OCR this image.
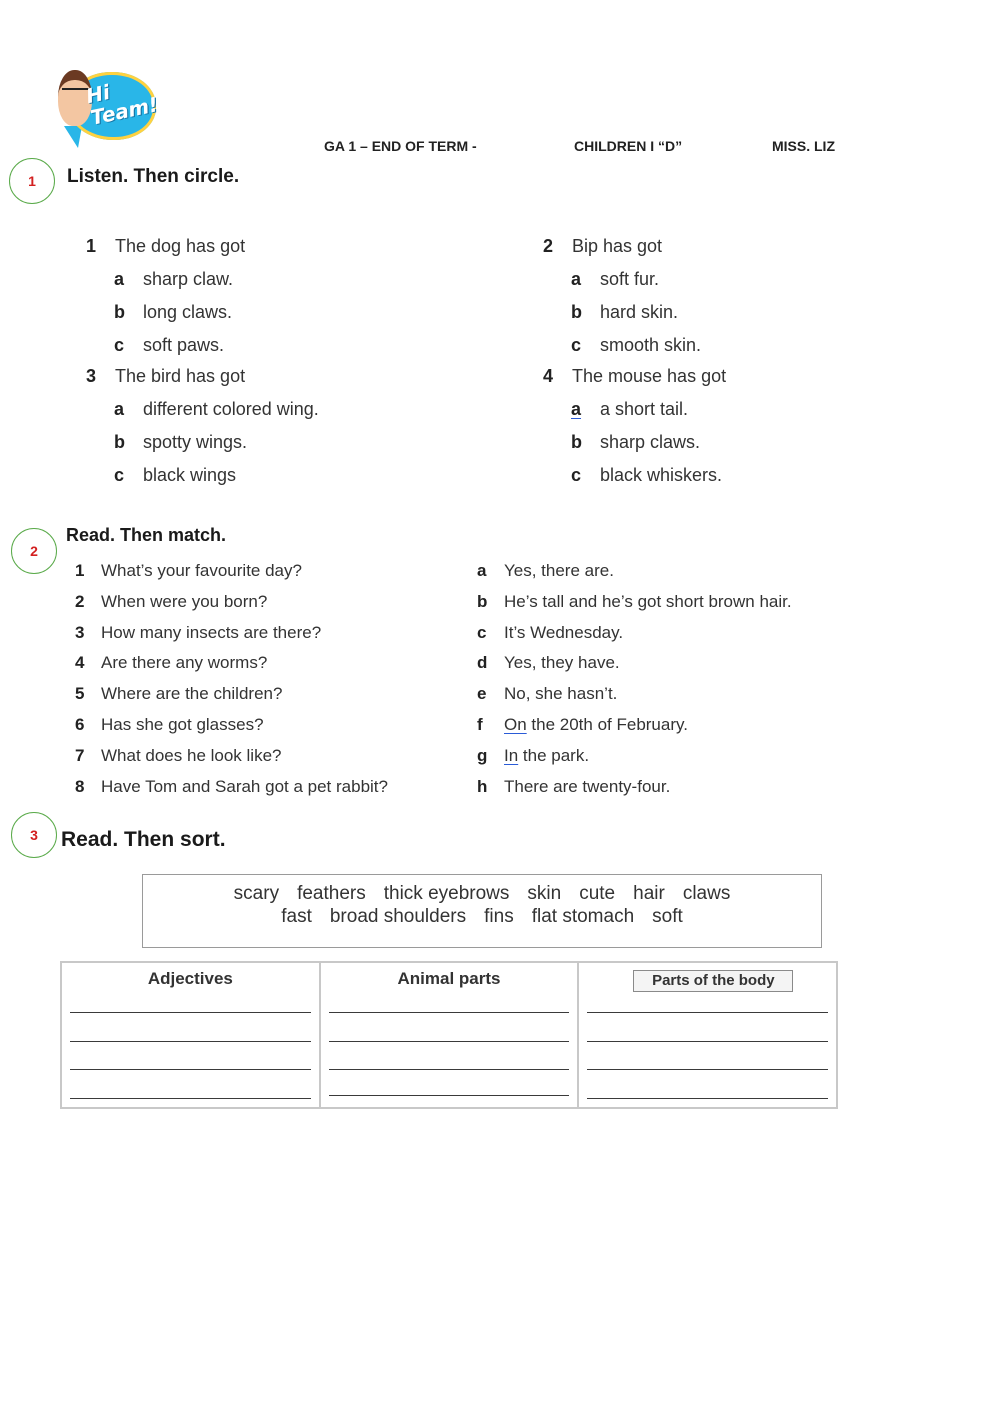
Hi
Team!
GA 1 – END OF TERM -	CHILDREN I “D”	MISS. LIZ
1	Listen. Then circle.
1 The dog has got
a sharp claw.
b long claws.
c soft paws.
2 Bip has got
a soft fur.
b hard skin.
c smooth skin.
3 The bird has got
a different colored wing.
b spotty wings.
c black wings
4 The mouse has got
a a short tail.
b sharp claws.
c black whiskers.
2
Read. Then match.
1 What’s your favourite day?
2 When were you born?
3 How many insects are there?
4 Are there any worms?
5 Where are the children?
6 Has she got glasses?
7 What does he look like?
8 Have Tom and Sarah got a pet rabbit?
a Yes, there are.
b He’s tall and he’s got short brown hair.
c It’s Wednesday.
d Yes, they have.
e No, she hasn’t.
f On the 20th of February.
g In the park.
h There are twenty-four.
3	Read. Then sort.
scary feathers thick eyebrows skin cute hair claws
fast broad shoulders fins flat stomach soft
Adjectives	Animal parts	Parts of the body
